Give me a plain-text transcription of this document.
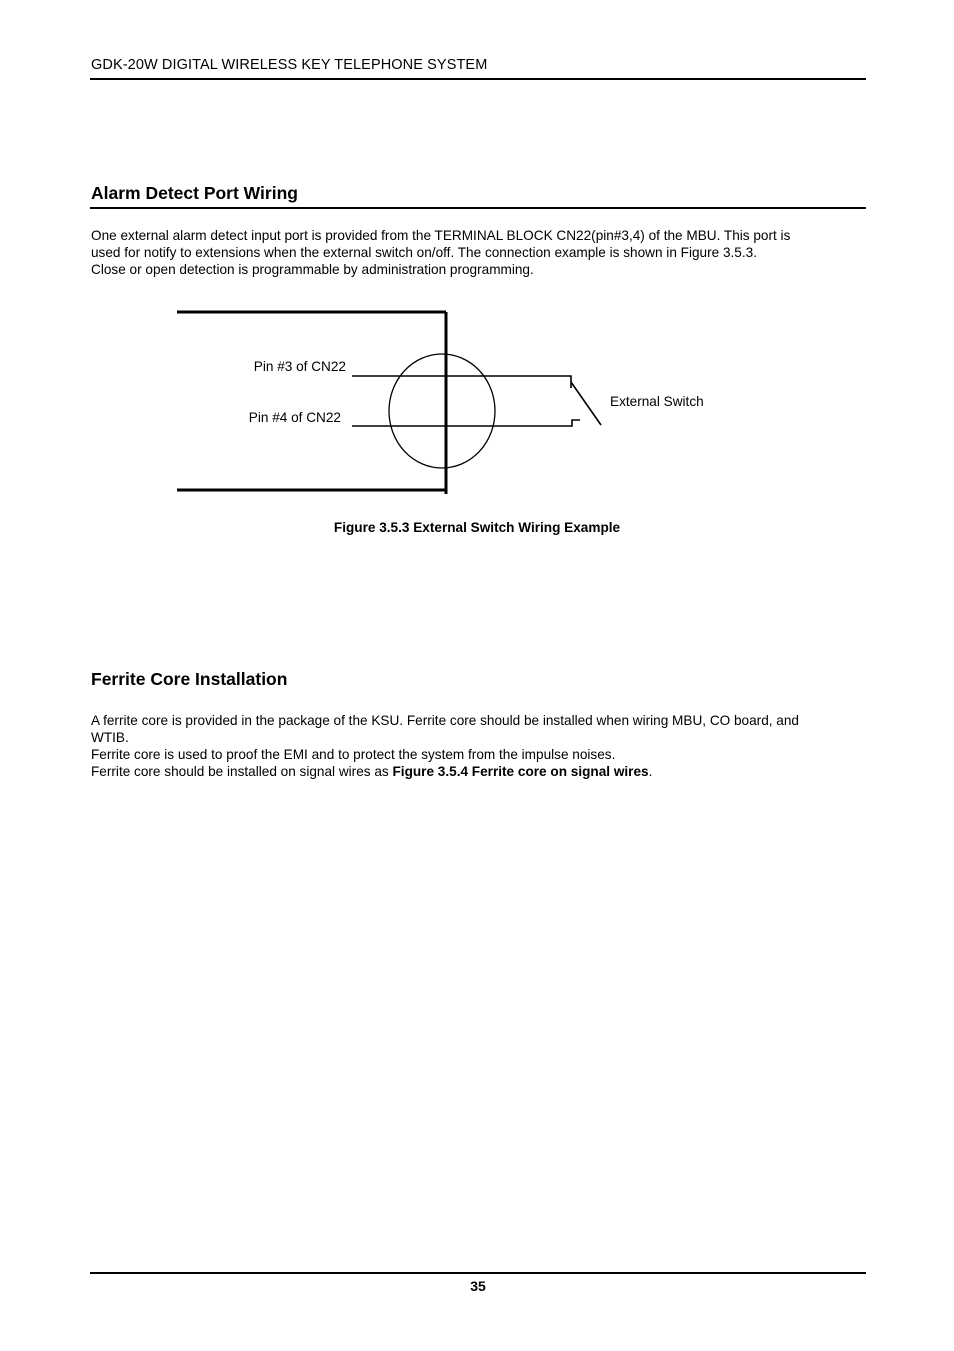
GDK-20W DIGITAL WIRELESS KEY TELEPHONE SYSTEM
Alarm Detect Port Wiring
One external alarm detect input port is provided from the TERMINAL BLOCK CN22(pin#3,4) of the MBU. This port is
used for notify to extensions when the external switch on/off. The connection example is shown in Figure 3.5.3.
Close or open detection is programmable by administration programming.
Pin #3 of CN22
Pin #4 of CN22
External Switch
Figure 3.5.3 External Switch Wiring Example
Ferrite Core Installation
A ferrite core is provided in the package of the KSU. Ferrite core should be installed when wiring MBU, CO board, and
WTIB.
Ferrite core is used to proof the EMI and to protect the system from the impulse noises.
Ferrite core should be installed on signal wires as Figure 3.5.4 Ferrite core on signal wires.
35
